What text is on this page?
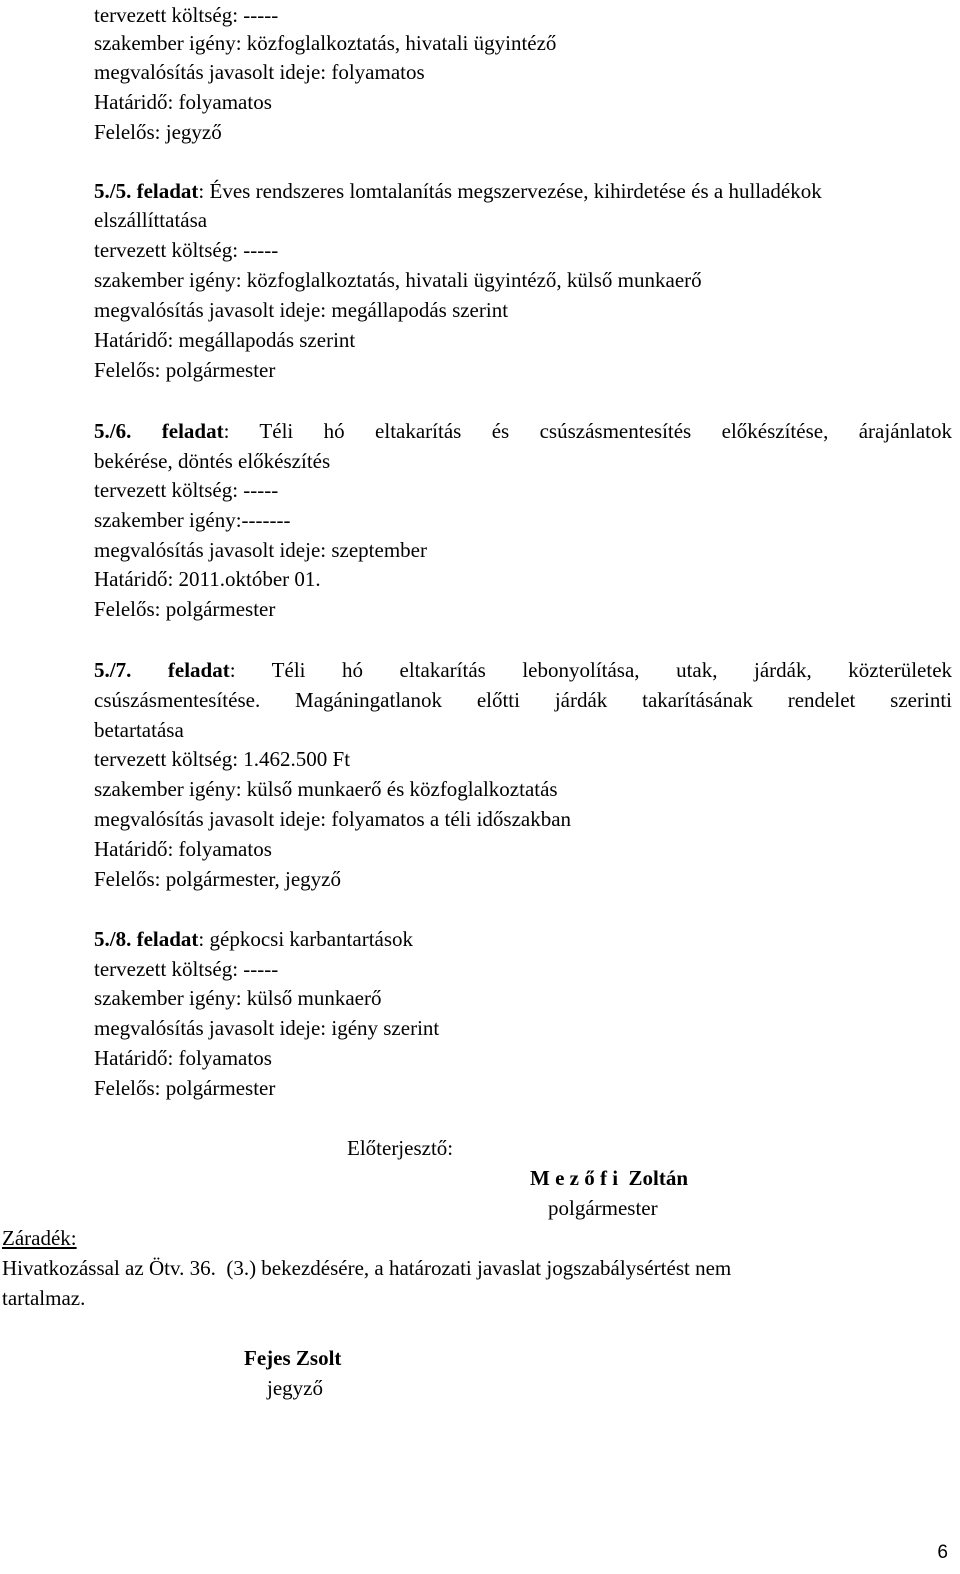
tervezett költség: -----
szakember igény: közfoglalkoztatás, hivatali ügyintéző
megvalósítás javasolt ideje: folyamatos
Határidő: folyamatos
Felelős: jegyző
5./5. feladat: Éves rendszeres lomtalanítás megszervezése, kihirdetése és a hulladékok
elszállíttatása
tervezett költség: -----
szakember igény: közfoglalkoztatás, hivatali ügyintéző, külső munkaerő
megvalósítás javasolt ideje: megállapodás szerint
Határidő: megállapodás szerint
Felelős: polgármester
5./6. feladat: Téli hó eltakarítás és csúszásmentesítés előkészítése, árajánlatok
bekérése, döntés előkészítés
tervezett költség: -----
szakember igény:-------
megvalósítás javasolt ideje: szeptember
Határidő: 2011.október 01.
Felelős: polgármester
5./7. feladat: Téli hó eltakarítás lebonyolítása, utak, járdák, közterületek
csúszásmentesítése. Magáningatlanok előtti járdák takarításának rendelet szerinti
betartatása
tervezett költség: 1.462.500 Ft
szakember igény: külső munkaerő és közfoglalkoztatás
megvalósítás javasolt ideje: folyamatos a téli időszakban
Határidő: folyamatos
Felelős: polgármester, jegyző
5./8. feladat: gépkocsi karbantartások
tervezett költség: -----
szakember igény: külső munkaerő
megvalósítás javasolt ideje: igény szerint
Határidő: folyamatos
Felelős: polgármester
Előterjesztő:
M e z ő f i  Zoltán
polgármester
Záradék:
Hivatkozással az Ötv. 36.  (3.) bekezdésére, a határozati javaslat jogszabálysértést nem
tartalmaz.
Fejes Zsolt
jegyző
6
